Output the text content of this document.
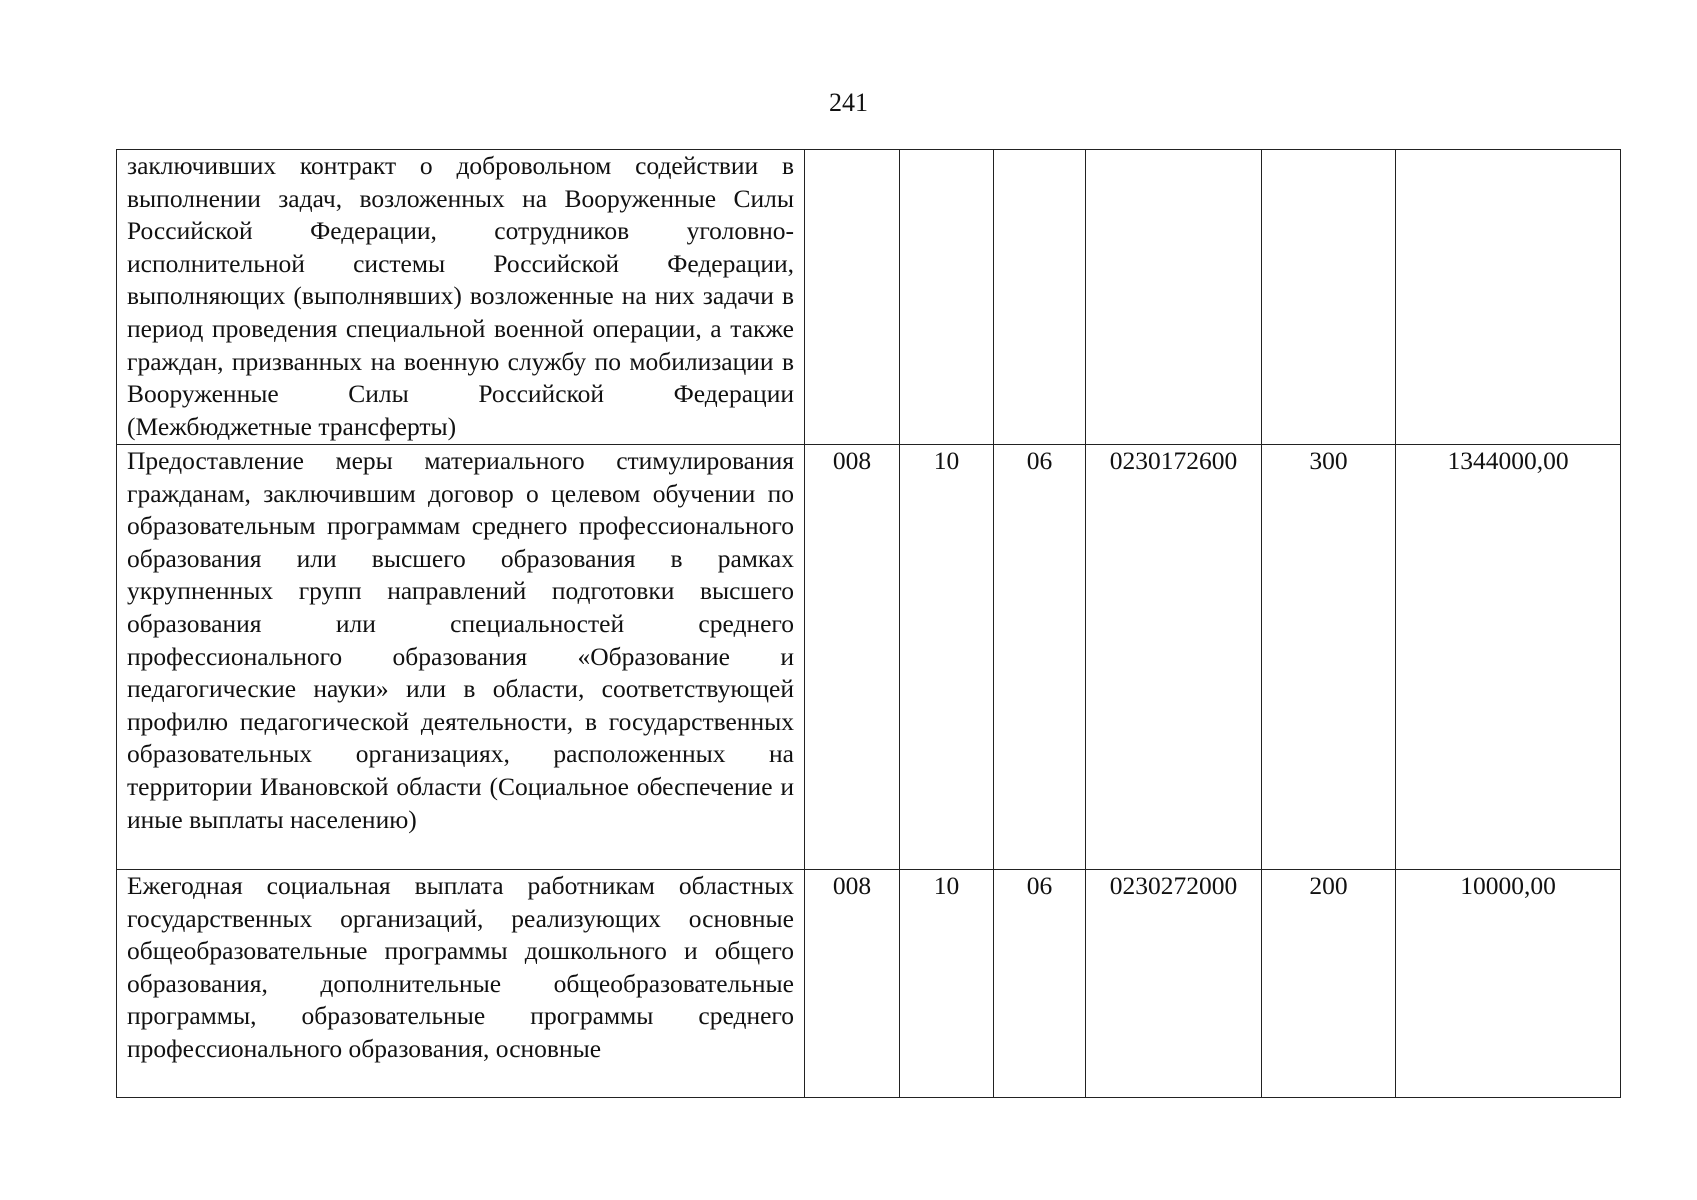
241
заключивших контракт о добровольном содействии в выполнении задач, возложенных на Вооруженные Силы Российской Федерации, сотрудников уголовно-исполнительной системы Российской Федерации, выполняющих (выполнявших) возложенные на них задачи в период проведения специальной военной операции, а также граждан, призванных на военную службу по мобилизации в Вооруженные Силы Российской Федерации (Межбюджетные трансферты)						

Предоставление меры материального стимулирования гражданам, заключившим договор о целевом обучении по образовательным программам среднего профессионального образования или высшего образования в рамках укрупненных групп направлений подготовки высшего образования или специальностей среднего профессионального образования «Образование и педагогические науки» или в области, соответствующей профилю педагогической деятельности, в государственных образовательных организациях, расположенных на территории Ивановской области (Социальное обеспечение и иные выплаты населению)	008	10	06	0230172600	300	1344000,00

Ежегодная социальная выплата работникам областных государственных организаций, реализующих основные общеобразовательные программы дошкольного и общего образования, дополнительные общеобразовательные программы, образовательные программы среднего профессионального образования, основные	008	10	06	0230272000	200	10000,00
